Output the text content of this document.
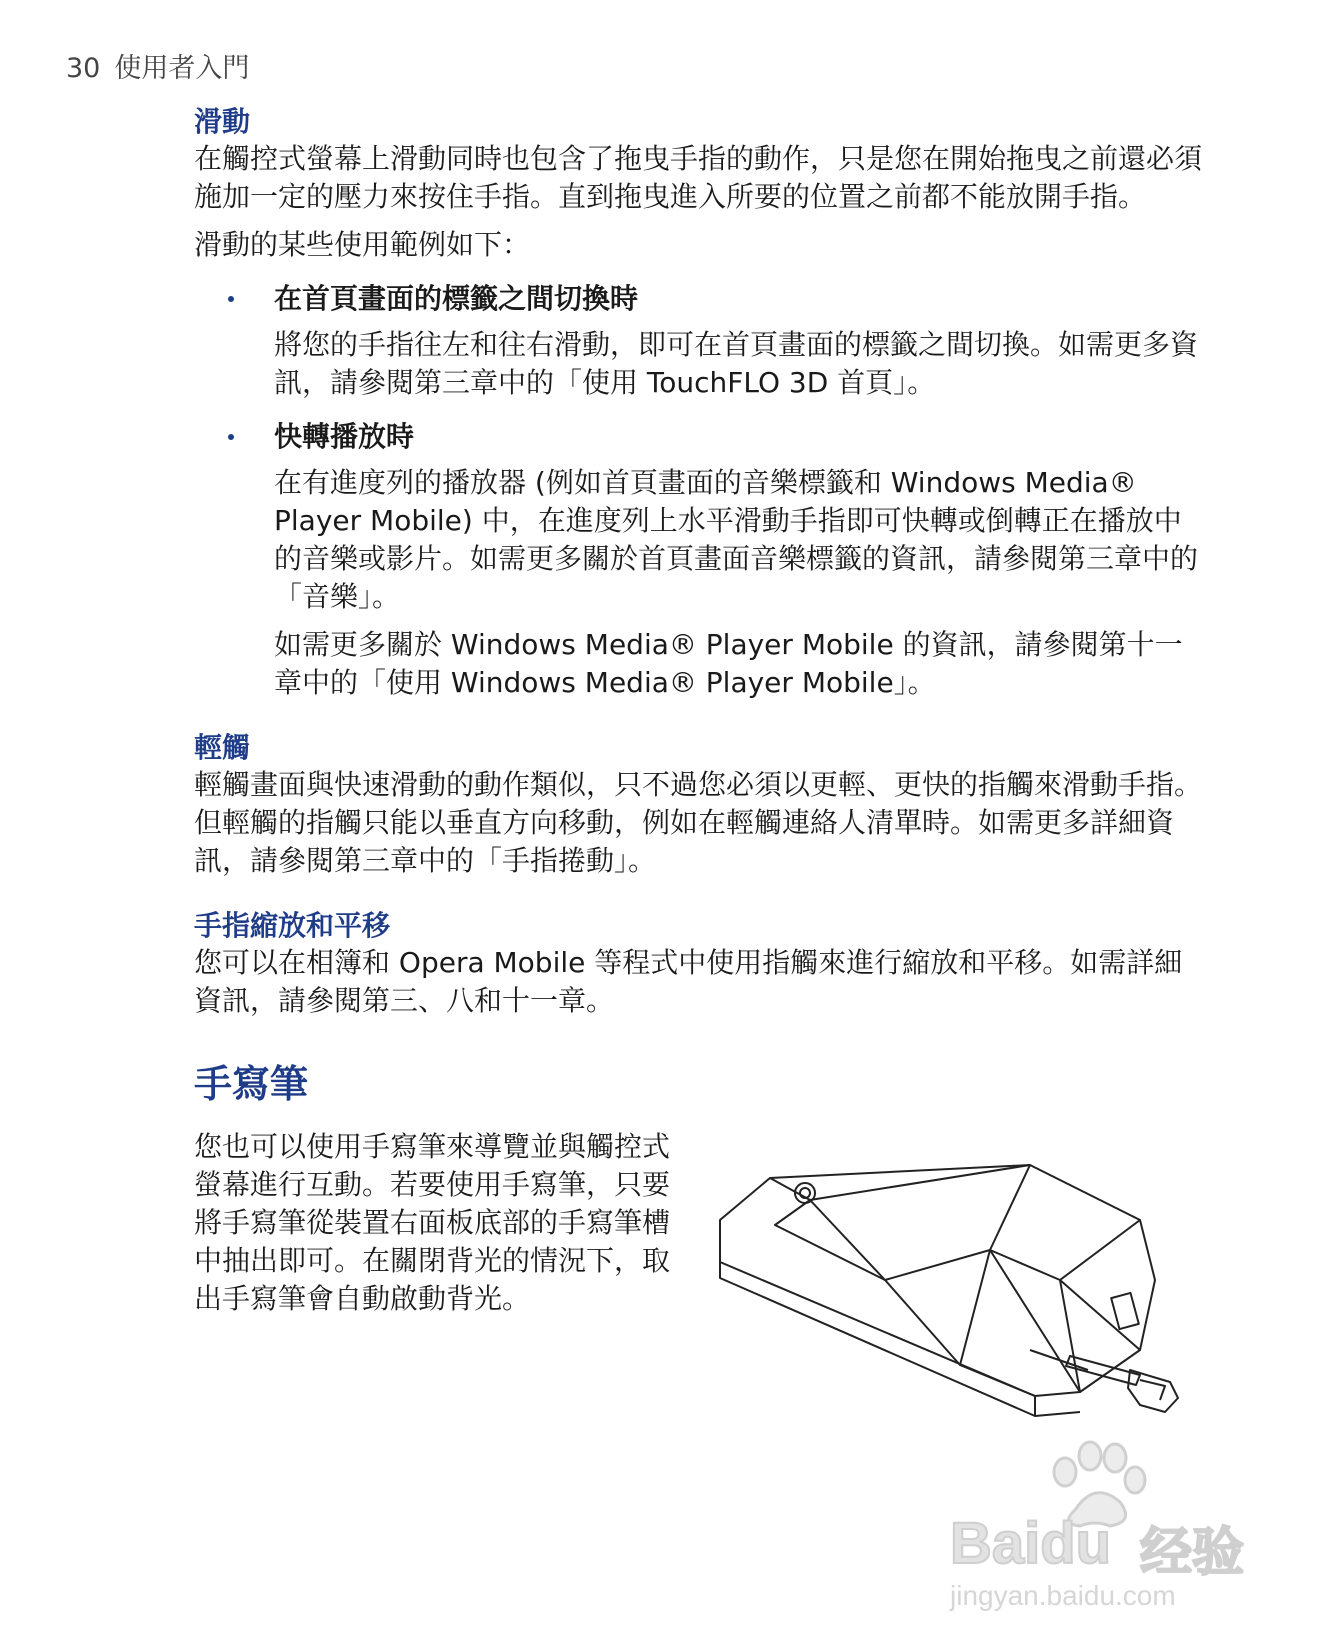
30 使用者入門
滑動

在觸控式螢幕上滑動同時也包含了拖曳手指的動作，只是您在開始拖曳之前還必須施加一定的壓力來按住手指。直到拖曳進入所要的位置之前都不能放開手指。

滑動的某些使用範例如下：

在首頁畫面的標籤之間切換時

將您的手指往左和往右滑動，即可在首頁畫面的標籤之間切換。如需更多資訊，請參閱第三章中的「使用 TouchFLO 3D 首頁」。

快轉播放時

在有進度列的播放器 (例如首頁畫面的音樂標籤和 Windows Media® Player Mobile) 中，在進度列上水平滑動手指即可快轉或倒轉正在播放中的音樂或影片。如需更多關於首頁畫面音樂標籤的資訊，請參閱第三章中的「音樂」。

如需更多關於 Windows Media® Player Mobile 的資訊，請參閱第十一章中的「使用 Windows Media® Player Mobile」。

輕觸

輕觸畫面與快速滑動的動作類似，只不過您必須以更輕、更快的指觸來滑動手指。但輕觸的指觸只能以垂直方向移動，例如在輕觸連絡人清單時。如需更多詳細資訊，請參閱第三章中的「手指捲動」。

手指縮放和平移

您可以在相簿和 Opera Mobile 等程式中使用指觸來進行縮放和平移。如需詳細資訊，請參閱第三、八和十一章。

手寫筆

您也可以使用手寫筆來導覽並與觸控式螢幕進行互動。若要使用手寫筆，只要將手寫筆從裝置右面板底部的手寫筆槽中抽出即可。在關閉背光的情況下，取出手寫筆會自動啟動背光。

Baidu 经验
jingyan.baidu.com
